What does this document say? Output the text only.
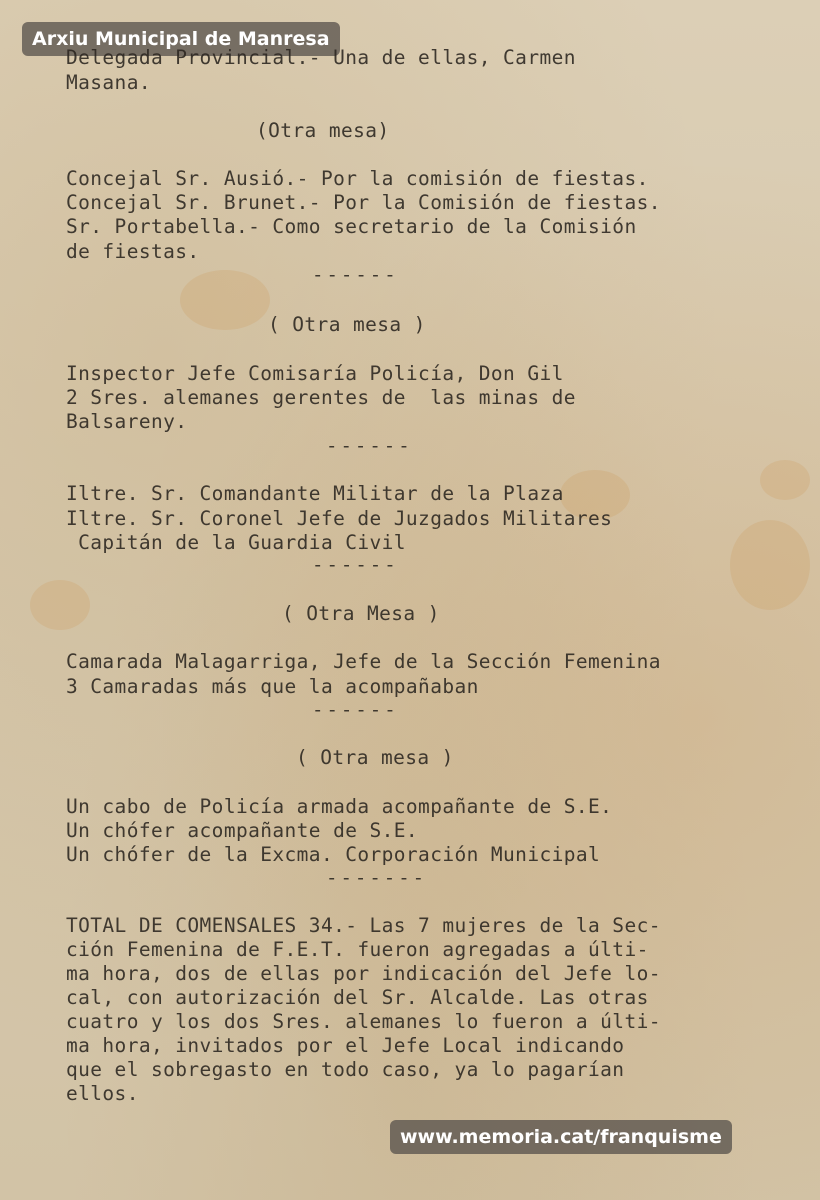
Arxiu Municipal de Manresa
Delegada Provincial.- Una de ellas, Carmen
Masana.
(Otra mesa)
Concejal Sr. Ausió.- Por la comisión de fiestas.
Concejal Sr. Brunet.- Por la Comisión de fiestas.
Sr. Portabella.- Como secretario de la Comisión
de fiestas.
------
( Otra mesa )
Inspector Jefe Comisaría Policía, Don Gil
2 Sres. alemanes gerentes de  las minas de
Balsareny.
------
Iltre. Sr. Comandante Militar de la Plaza
Iltre. Sr. Coronel Jefe de Juzgados Militares
Capitán de la Guardia Civil
------
( Otra Mesa )
Camarada Malagarriga, Jefe de la Sección Femenina
3 Camaradas más que la acompañaban
------
( Otra mesa )
Un cabo de Policía armada acompañante de S.E.
Un chófer acompañante de S.E.
Un chófer de la Excma. Corporación Municipal
-------
TOTAL DE COMENSALES 34.- Las 7 mujeres de la Sec-
ción Femenina de F.E.T. fueron agregadas a últi-
ma hora, dos de ellas por indicación del Jefe lo-
cal, con autorización del Sr. Alcalde. Las otras
cuatro y los dos Sres. alemanes lo fueron a últi-
ma hora, invitados por el Jefe Local indicando
que el sobregasto en todo caso, ya lo pagarían
ellos.
www.memoria.cat/franquisme
